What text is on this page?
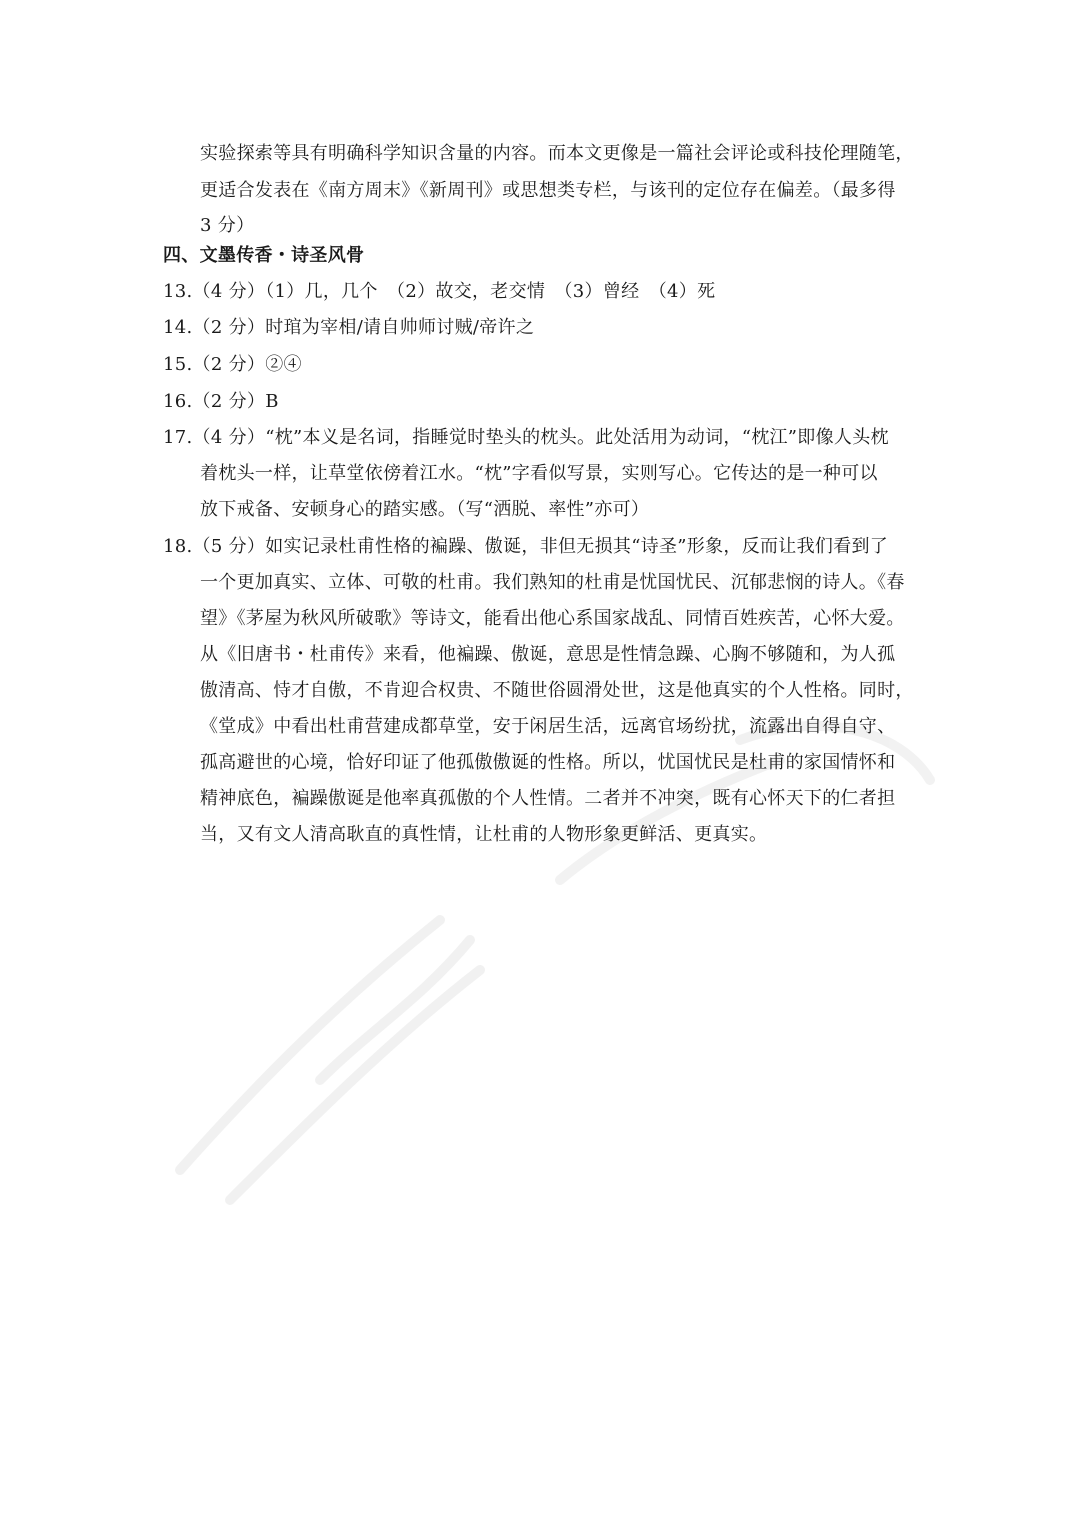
实验探索等具有明确科学知识含量的内容。而本文更像是一篇社会评论或科技伦理随笔，
更适合发表在《南方周末》《新周刊》或思想类专栏，与该刊的定位存在偏差。（最多得
3 分）
四、文墨传香・诗圣风骨
13.（4 分）（1）几，几个　（2）故交，老交情　（3）曾经　（4）死
14.（2 分）时琯为宰相/请自帅师讨贼/帝许之
15.（2 分）②④
16.（2 分）B
17.（4 分）“枕”本义是名词，指睡觉时垫头的枕头。此处活用为动词，“枕江”即像人头枕
着枕头一样，让草堂依傍着江水。“枕”字看似写景，实则写心。它传达的是一种可以
放下戒备、安顿身心的踏实感。（写“洒脱、率性”亦可）
18.（5 分）如实记录杜甫性格的褊躁、傲诞，非但无损其“诗圣”形象，反而让我们看到了
一个更加真实、立体、可敬的杜甫。我们熟知的杜甫是忧国忧民、沉郁悲悯的诗人。《春
望》《茅屋为秋风所破歌》等诗文，能看出他心系国家战乱、同情百姓疾苦，心怀大爱。
从《旧唐书・杜甫传》来看，他褊躁、傲诞，意思是性情急躁、心胸不够随和，为人孤
傲清高、恃才自傲，不肯迎合权贵、不随世俗圆滑处世，这是他真实的个人性格。同时，
《堂成》中看出杜甫营建成都草堂，安于闲居生活，远离官场纷扰，流露出自得自守、
孤高避世的心境，恰好印证了他孤傲傲诞的性格。所以，忧国忧民是杜甫的家国情怀和
精神底色，褊躁傲诞是他率真孤傲的个人性情。二者并不冲突，既有心怀天下的仁者担
当，又有文人清高耿直的真性情，让杜甫的人物形象更鲜活、更真实。
